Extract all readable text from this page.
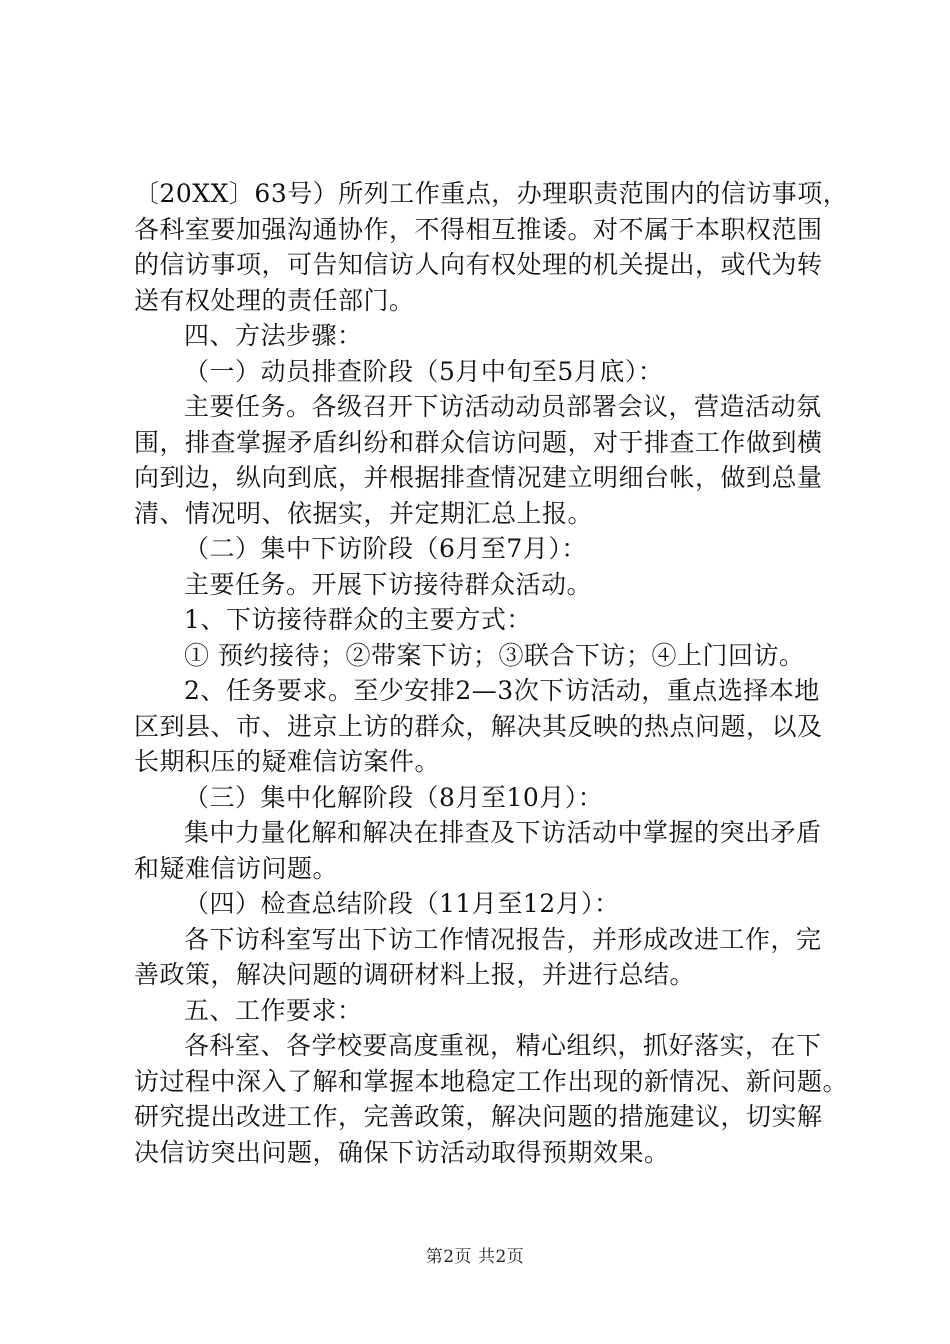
〔20XX〕63号）所列工作重点，办理职责范围内的信访事项，
各科室要加强沟通协作，不得相互推诿。对不属于本职权范围
的信访事项，可告知信访人向有权处理的机关提出，或代为转
送有权处理的责任部门。
四、方法步骤：
（一）动员排查阶段（5月中旬至5月底）：
主要任务。各级召开下访活动动员部署会议，营造活动氛
围，排查掌握矛盾纠纷和群众信访问题，对于排查工作做到横
向到边，纵向到底，并根据排查情况建立明细台帐，做到总量
清、情况明、依据实，并定期汇总上报。
（二）集中下访阶段（6月至7月）：
主要任务。开展下访接待群众活动。
1、下访接待群众的主要方式：
① 预约接待；②带案下访；③联合下访；④上门回访。
2、任务要求。至少安排2—3次下访活动，重点选择本地
区到县、市、进京上访的群众，解决其反映的热点问题，以及
长期积压的疑难信访案件。
（三）集中化解阶段（8月至10月）：
集中力量化解和解决在排查及下访活动中掌握的突出矛盾
和疑难信访问题。
（四）检查总结阶段（11月至12月）：
各下访科室写出下访工作情况报告，并形成改进工作，完
善政策，解决问题的调研材料上报，并进行总结。
五、工作要求：
各科室、各学校要高度重视，精心组织，抓好落实，在下
访过程中深入了解和掌握本地稳定工作出现的新情况、新问题。
研究提出改进工作，完善政策，解决问题的措施建议，切实解
决信访突出问题，确保下访活动取得预期效果。
第2页 共2页
